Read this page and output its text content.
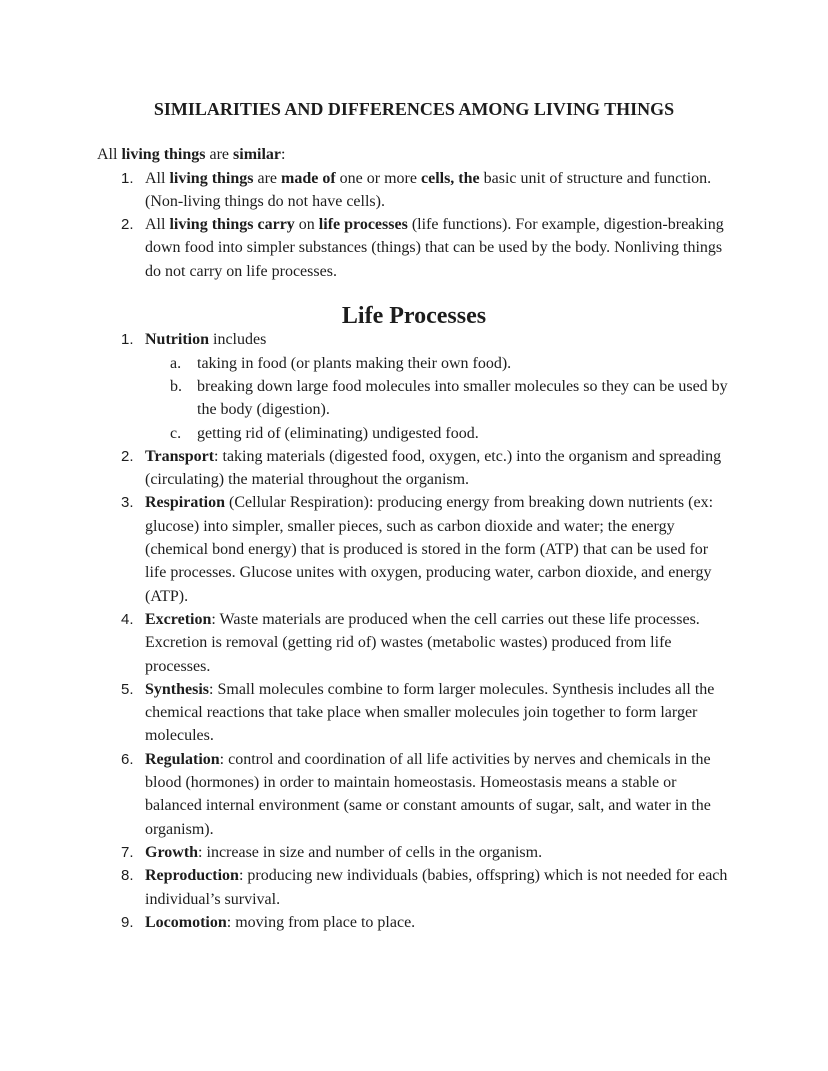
SIMILARITIES AND DIFFERENCES AMONG LIVING THINGS

All living things are similar:

1. All living things are made of one or more cells, the basic unit of structure and function. (Non-living things do not have cells).
2. All living things carry on life processes (life functions). For example, digestion-breaking down food into simpler substances (things) that can be used by the body. Nonliving things do not carry on life processes.
Life Processes
1. Nutrition includes
a. taking in food (or plants making their own food).
b. breaking down large food molecules into smaller molecules so they can be used by the body (digestion).
c. getting rid of (eliminating) undigested food.
2. Transport: taking materials (digested food, oxygen, etc.) into the organism and spreading (circulating) the material throughout the organism.
3. Respiration (Cellular Respiration): producing energy from breaking down nutrients (ex: glucose) into simpler, smaller pieces, such as carbon dioxide and water; the energy (chemical bond energy) that is produced is stored in the form (ATP) that can be used for life processes. Glucose unites with oxygen, producing water, carbon dioxide, and energy (ATP).
4. Excretion: Waste materials are produced when the cell carries out these life processes. Excretion is removal (getting rid of) wastes (metabolic wastes) produced from life processes.
5. Synthesis: Small molecules combine to form larger molecules. Synthesis includes all the chemical reactions that take place when smaller molecules join together to form larger molecules.
6. Regulation: control and coordination of all life activities by nerves and chemicals in the blood (hormones) in order to maintain homeostasis. Homeostasis means a stable or balanced internal environment (same or constant amounts of sugar, salt, and water in the organism).
7. Growth: increase in size and number of cells in the organism.
8. Reproduction: producing new individuals (babies, offspring) which is not needed for each individual’s survival.
9. Locomotion: moving from place to place.
